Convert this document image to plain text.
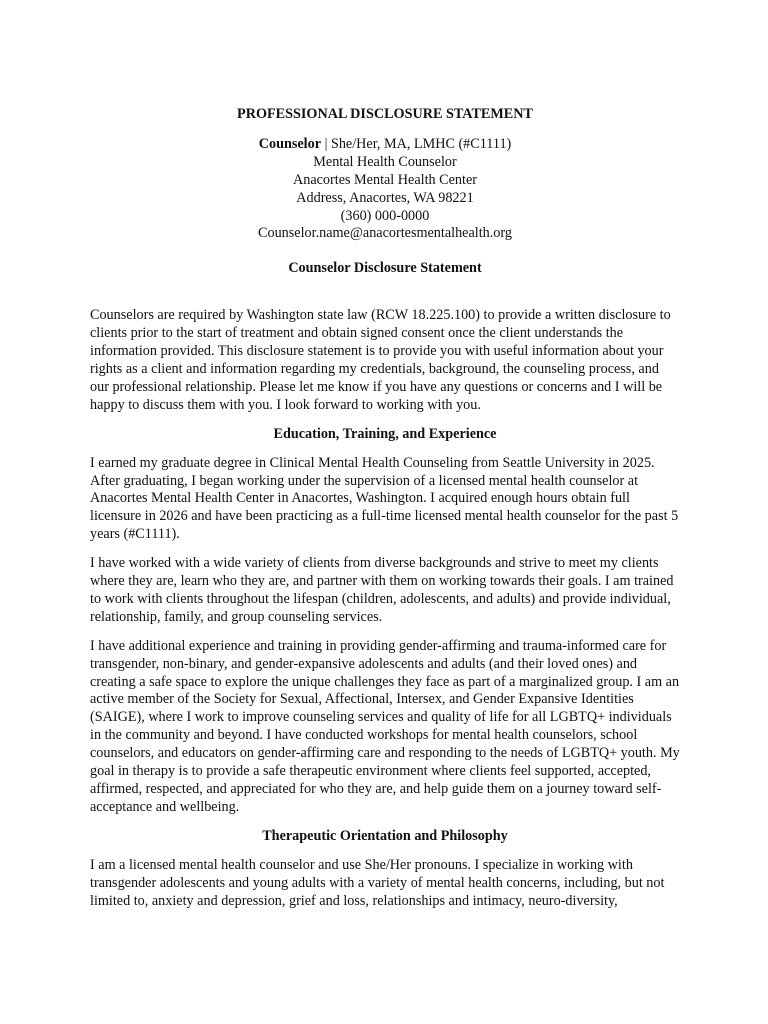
PROFESSIONAL DISCLOSURE STATEMENT

Counselor | She/Her, MA, LMHC (#C1111)

Mental Health Counselor

Anacortes Mental Health Center

Address, Anacortes, WA 98221

(360) 000-0000

Counselor.name@anacortesmentalhealth.org

Counselor Disclosure Statement

Counselors are required by Washington state law (RCW 18.225.100) to provide a written disclosure to clients prior to the start of treatment and obtain signed consent once the client understands the information provided. This disclosure statement is to provide you with useful information about your rights as a client and information regarding my credentials, background, the counseling process, and our professional relationship. Please let me know if you have any questions or concerns and I will be happy to discuss them with you. I look forward to working with you.

Education, Training, and Experience

I earned my graduate degree in Clinical Mental Health Counseling from Seattle University in 2025. After graduating, I began working under the supervision of a licensed mental health counselor at Anacortes Mental Health Center in Anacortes, Washington. I acquired enough hours obtain full licensure in 2026 and have been practicing as a full-time licensed mental health counselor for the past 5 years (#C1111).

I have worked with a wide variety of clients from diverse backgrounds and strive to meet my clients where they are, learn who they are, and partner with them on working towards their goals. I am trained to work with clients throughout the lifespan (children, adolescents, and adults) and provide individual, relationship, family, and group counseling services.

I have additional experience and training in providing gender-affirming and trauma-informed care for transgender, non-binary, and gender-expansive adolescents and adults (and their loved ones) and creating a safe space to explore the unique challenges they face as part of a marginalized group. I am an active member of the Society for Sexual, Affectional, Intersex, and Gender Expansive Identities (SAIGE), where I work to improve counseling services and quality of life for all LGBTQ+ individuals in the community and beyond. I have conducted workshops for mental health counselors, school counselors, and educators on gender-affirming care and responding to the needs of LGBTQ+ youth. My goal in therapy is to provide a safe therapeutic environment where clients feel supported, accepted, affirmed, respected, and appreciated for who they are, and help guide them on a journey toward self-acceptance and wellbeing.

Therapeutic Orientation and Philosophy

I am a licensed mental health counselor and use She/Her pronouns. I specialize in working with transgender adolescents and young adults with a variety of mental health concerns, including, but not limited to, anxiety and depression, grief and loss, relationships and intimacy, neuro-diversity,
